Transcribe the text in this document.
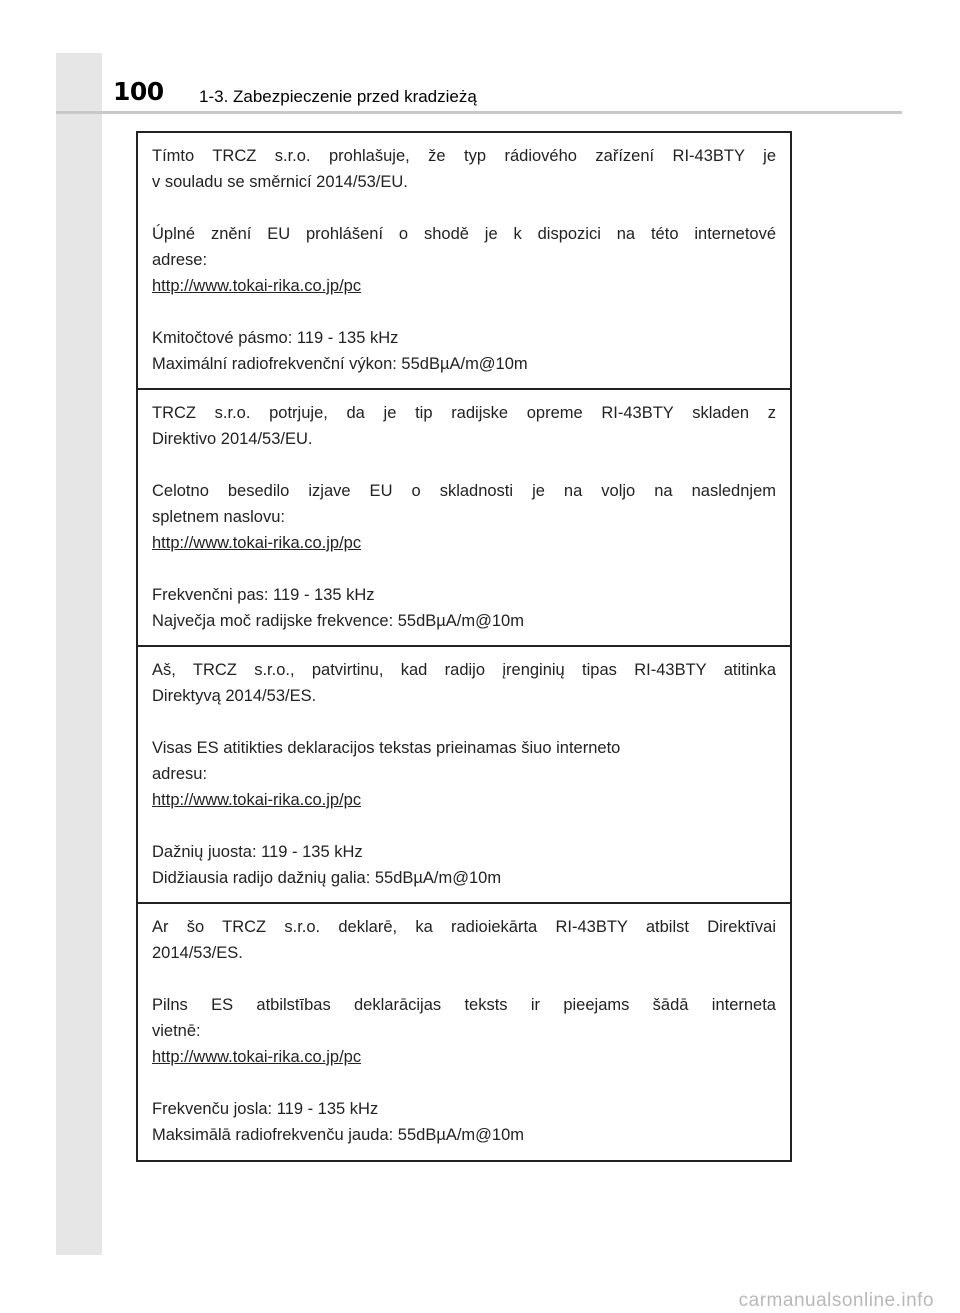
100 1-3. Zabezpieczenie przed kradzieżą

Tímto TRCZ s.r.o. prohlašuje, že typ rádiového zařízení RI-43BTY je

v souladu se směrnicí 2014/53/EU.

Úplné znění EU prohlášení o shodě je k dispozici na této internetové

adrese:

http://www.tokai-rika.co.jp/pc

Kmitočtové pásmo: 119 - 135 kHz

Maximální radiofrekvenční výkon: 55dBµA/m@10m

TRCZ s.r.o. potrjuje, da je tip radijske opreme RI-43BTY skladen z

Direktivo 2014/53/EU.

Celotno besedilo izjave EU o skladnosti je na voljo na naslednjem

spletnem naslovu:

http://www.tokai-rika.co.jp/pc

Frekvenčni pas: 119 - 135 kHz

Največja moč radijske frekvence: 55dBµA/m@10m

Aš, TRCZ s.r.o., patvirtinu, kad radijo įrenginių tipas RI-43BTY atitinka

Direktyvą 2014/53/ES.

Visas ES atitikties deklaracijos tekstas prieinamas šiuo interneto

adresu:

http://www.tokai-rika.co.jp/pc

Dažnių juosta: 119 - 135 kHz

Didžiausia radijo dažnių galia: 55dBµA/m@10m

Ar šo TRCZ s.r.o. deklarē, ka radioiekārta RI-43BTY atbilst Direktīvai

2014/53/ES.

Pilns ES atbilstības deklarācijas teksts ir pieejams šādā interneta

vietnē:

http://www.tokai-rika.co.jp/pc

Frekvenču josla: 119 - 135 kHz

Maksimālā radiofrekvenču jauda: 55dBµA/m@10m

carmanualsonline.info
